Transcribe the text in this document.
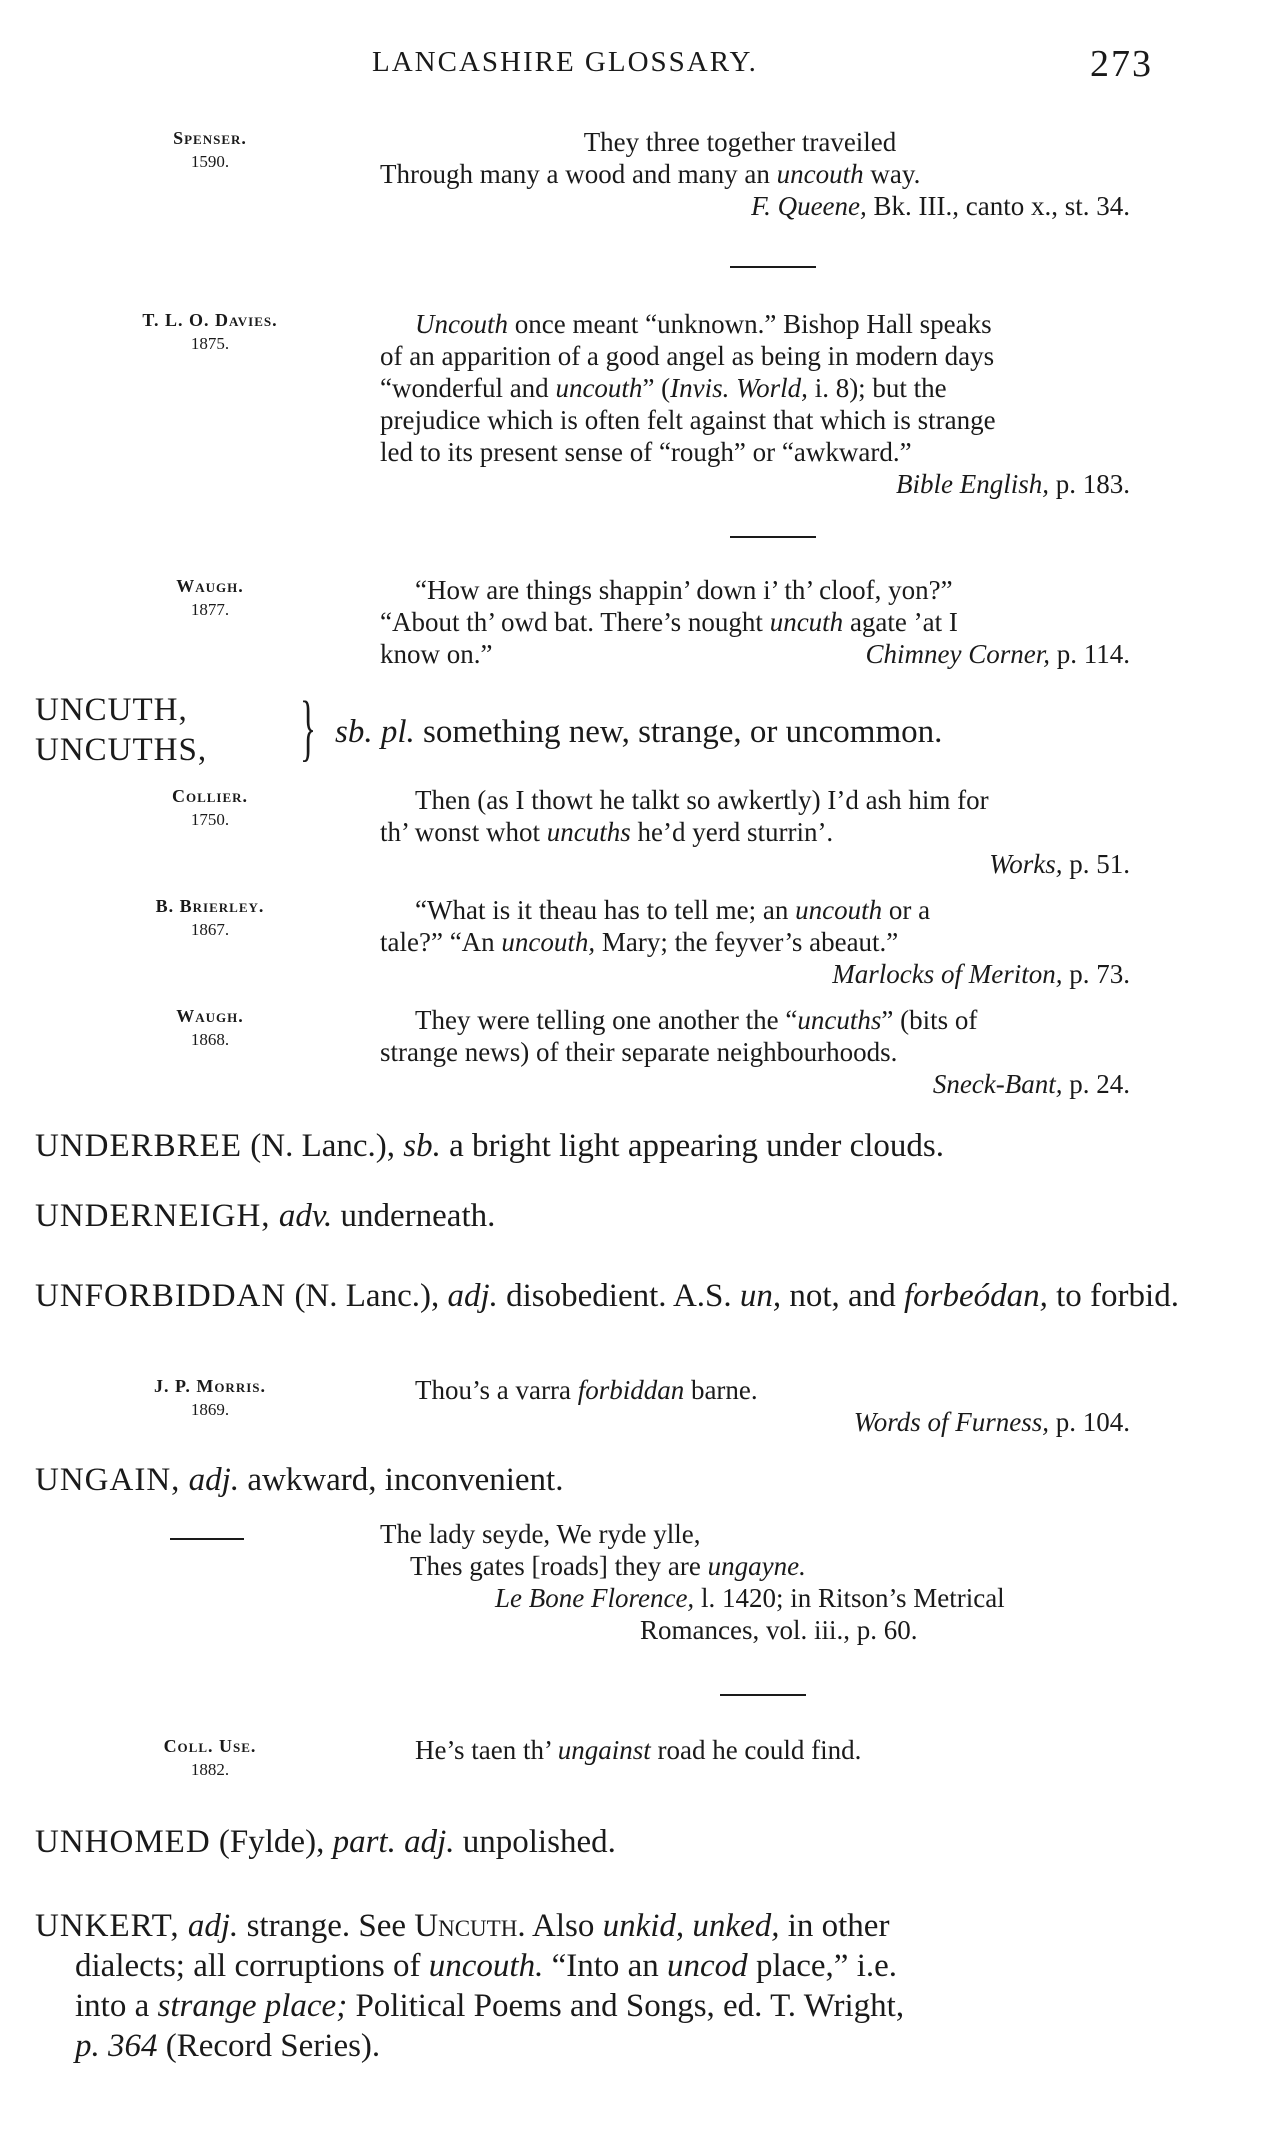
LANCASHIRE GLOSSARY.	273
Spenser.
1590.

They three together traveiled

Through many a wood and many an uncouth way.

F. Queene, Bk. III., canto x., st. 34.

T. L. O. Davies.
1875.

Uncouth once meant “unknown.” Bishop Hall speaks

of an apparition of a good angel as being in modern days

“wonderful and uncouth” (Invis. World, i. 8); but the

prejudice which is often felt against that which is strange

led to its present sense of “rough” or “awkward.”

Bible English, p. 183.

Waugh.
1877.

“How are things shappin’ down i’ th’ cloof, yon?”

“About th’ owd bat. There’s nought uncuth agate ’at I

know on.”	Chimney Corner, p. 114.

UNCUTH,
UNCUTHS, } sb. pl. something new, strange, or uncommon.
Collier.
1750.

Then (as I thowt he talkt so awkertly) I’d ash him for

th’ wonst whot uncuths he’d yerd sturrin’.

Works, p. 51.

B. Brierley.
1867.

“What is it theau has to tell me; an uncouth or a

tale?” “An uncouth, Mary; the feyver’s abeaut.”

Marlocks of Meriton, p. 73.

Waugh.
1868.

They were telling one another the “uncuths” (bits of

strange news) of their separate neighbourhoods.

Sneck-Bant, p. 24.

UNDERBREE (N. Lanc.), sb. a bright light appearing under clouds.

UNDERNEIGH, adv. underneath.

UNFORBIDDAN (N. Lanc.), adj. disobedient. A.S. un, not, and forbeódan, to forbid.

J. P. Morris.
1869.

Thou’s a varra forbiddan barne.

Words of Furness, p. 104.

UNGAIN, adj. awkward, inconvenient.

The lady seyde, We ryde ylle,

Thes gates [roads] they are ungayne.

Le Bone Florence, l. 1420; in Ritson’s Metrical

Romances, vol. iii., p. 60.

Coll. Use.
1882.

He’s taen th’ ungainst road he could find.

UNHOMED (Fylde), part. adj. unpolished.

UNKERT, adj. strange. See Uncuth. Also unkid, unked, in other

dialects; all corruptions of uncouth. “Into an uncod place,” i.e.

into a strange place; Political Poems and Songs, ed. T. Wright,

p. 364 (Record Series).
